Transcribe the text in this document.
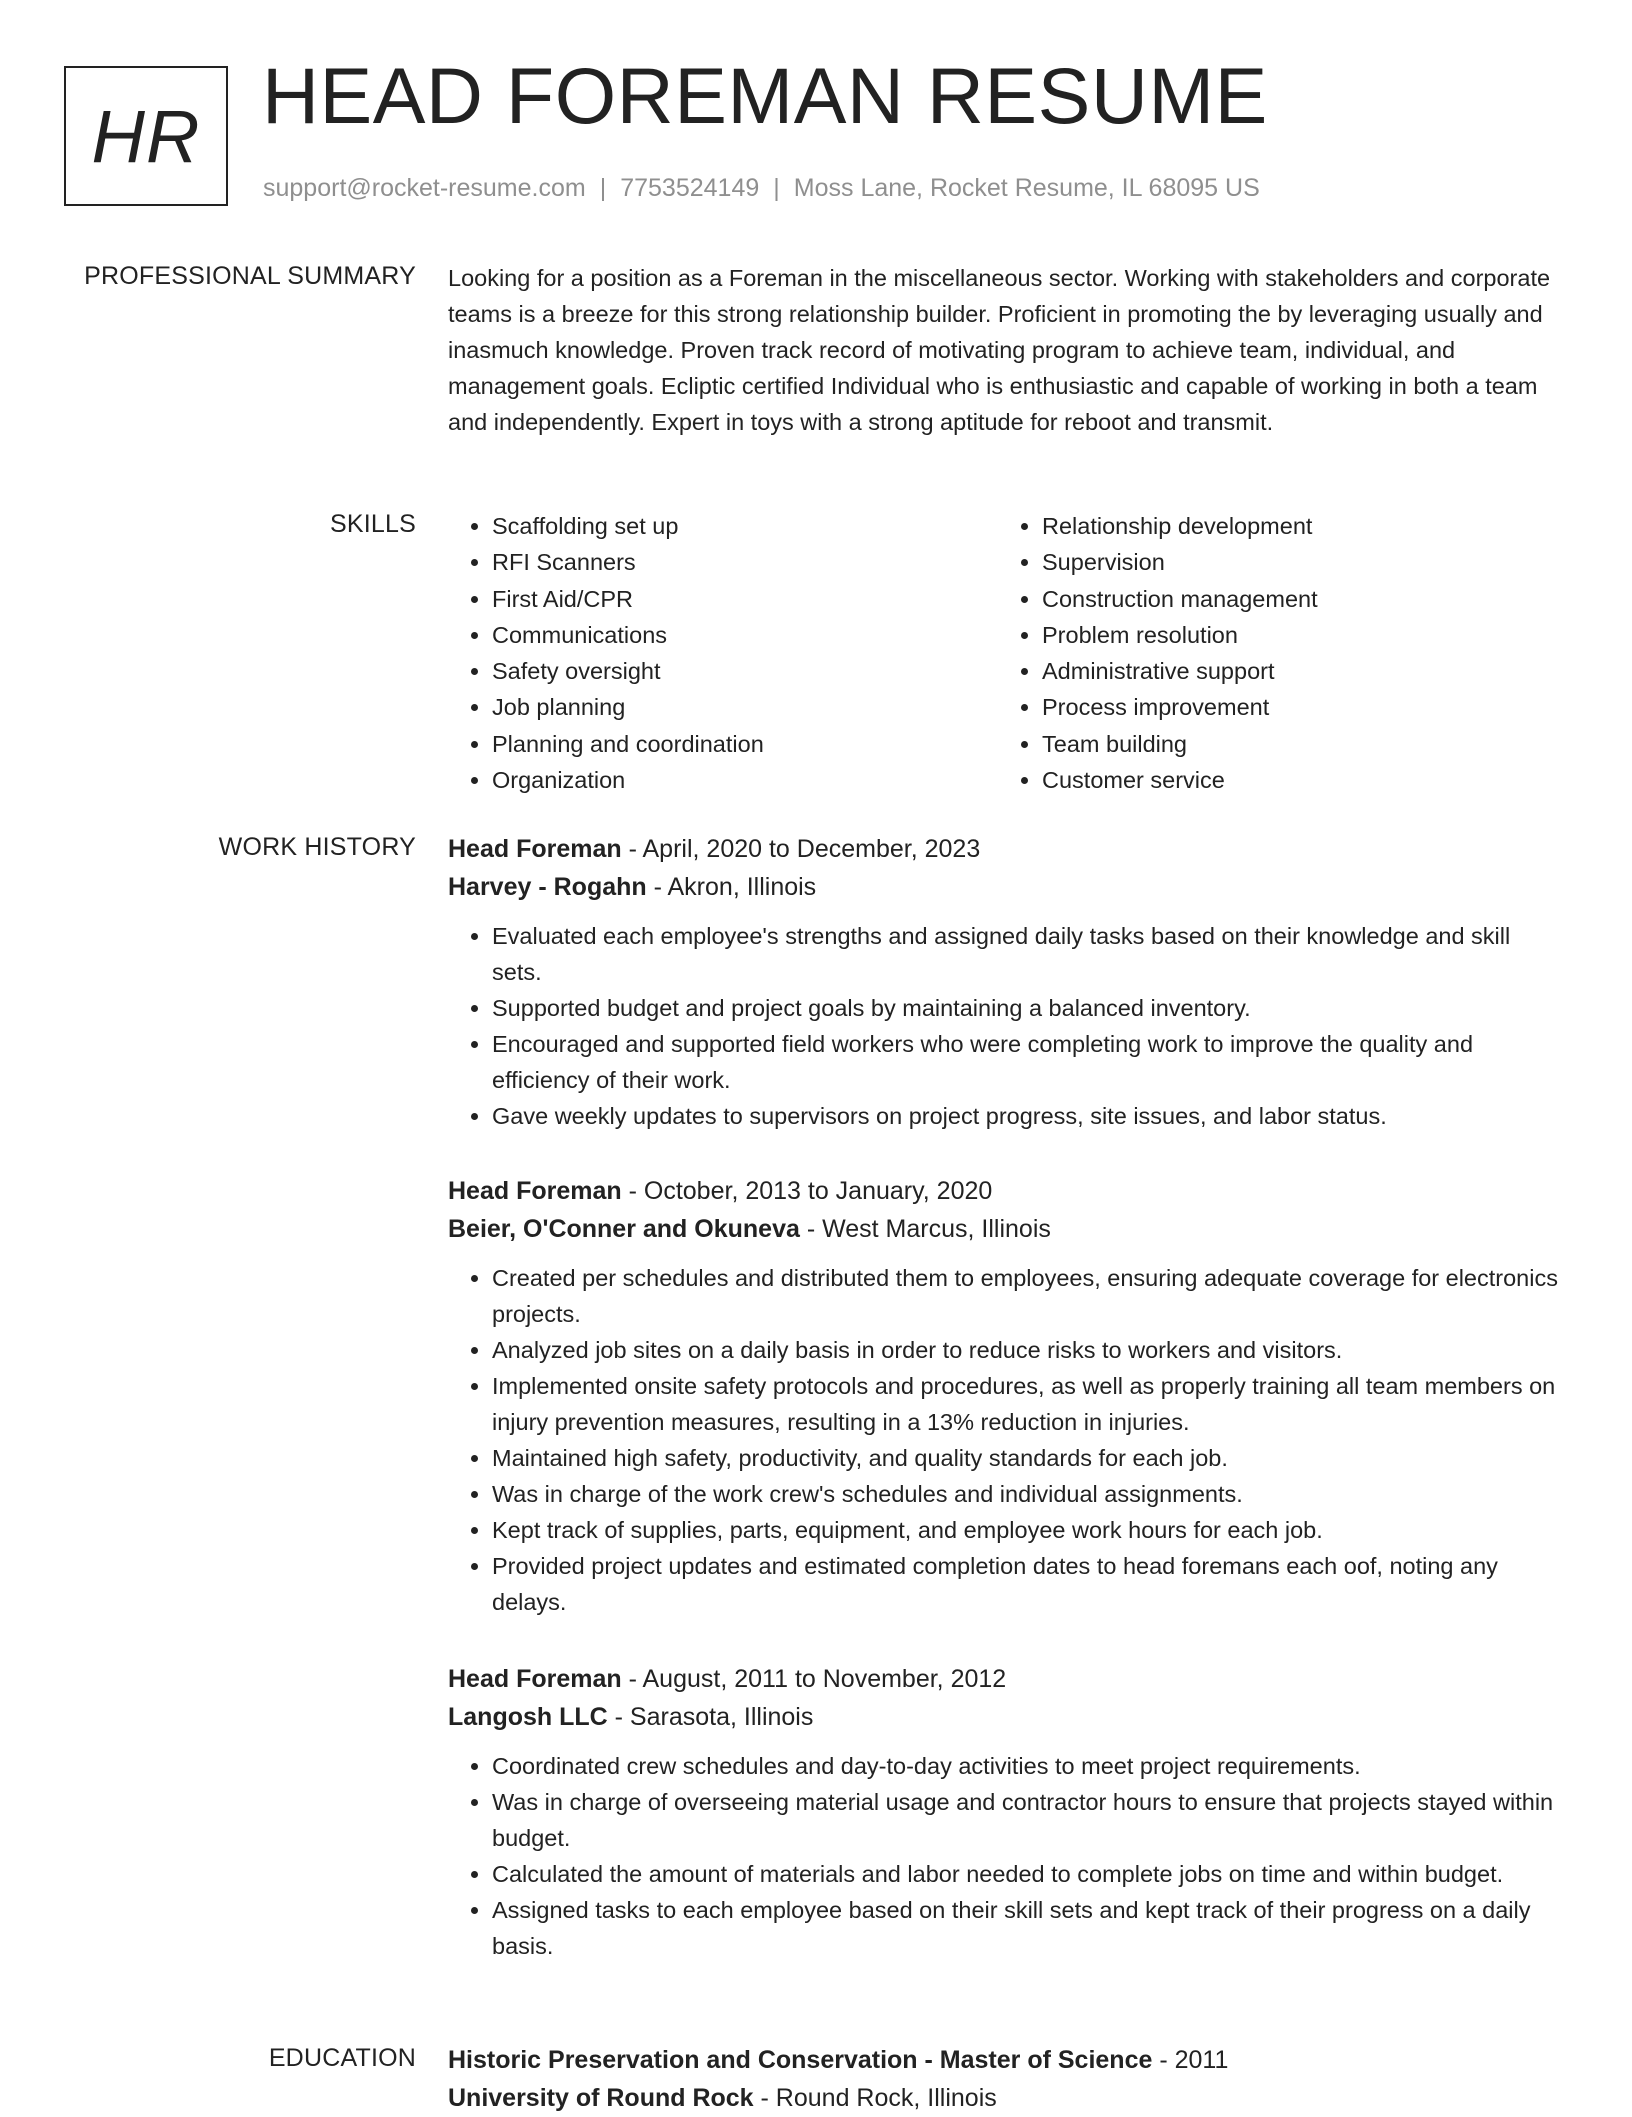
HR HEAD FOREMAN RESUME
support@rocket-resume.com | 7753524149 | Moss Lane, Rocket Resume, IL 68095 US
PROFESSIONAL SUMMARY Looking for a position as a Foreman in the miscellaneous sector. Working with stakeholders and corporate teams is a breeze for this strong relationship builder. Proficient in promoting the by leveraging usually and inasmuch knowledge. Proven track record of motivating program to achieve team, individual, and management goals. Ecliptic certified Individual who is enthusiastic and capable of working in both a team and independently. Expert in toys with a strong aptitude for reboot and transmit.

SKILLS
•	Scaffolding set up
• RFI Scanners
• First Aid/CPR
• Communications
• Safety oversight
• Job planning
• Planning and coordination
• Organization
• Relationship development
• Supervision
• Construction management
• Problem resolution
• Administrative support
• Process improvement
• Team building
• Customer service
WORK HISTORY Head Foreman - April, 2020 to December, 2023
Harvey - Rogahn - Akron, Illinois
• Evaluated each employee's strengths and assigned daily tasks based on their knowledge and skill sets.
• Supported budget and project goals by maintaining a balanced inventory.
• Encouraged and supported field workers who were completing work to improve the quality and efficiency of their work.
• Gave weekly updates to supervisors on project progress, site issues, and labor status.
Head Foreman - October, 2013 to January, 2020
Beier, O'Conner and Okuneva - West Marcus, Illinois
• Created per schedules and distributed them to employees, ensuring adequate coverage for electronics projects.
• Analyzed job sites on a daily basis in order to reduce risks to workers and visitors.
• Implemented onsite safety protocols and procedures, as well as properly training all team members on injury prevention measures, resulting in a 13% reduction in injuries.
• Maintained high safety, productivity, and quality standards for each job.
• Was in charge of the work crew's schedules and individual assignments.
• Kept track of supplies, parts, equipment, and employee work hours for each job.
• Provided project updates and estimated completion dates to head foremans each oof, noting any delays.
Head Foreman - August, 2011 to November, 2012
Langosh LLC - Sarasota, Illinois
• Coordinated crew schedules and day-to-day activities to meet project requirements.
• Was in charge of overseeing material usage and contractor hours to ensure that projects stayed within budget.
• Calculated the amount of materials and labor needed to complete jobs on time and within budget.
• Assigned tasks to each employee based on their skill sets and kept track of their progress on a daily basis.
EDUCATION Historic Preservation and Conservation - Master of Science - 2011
University of Round Rock - Round Rock, Illinois
